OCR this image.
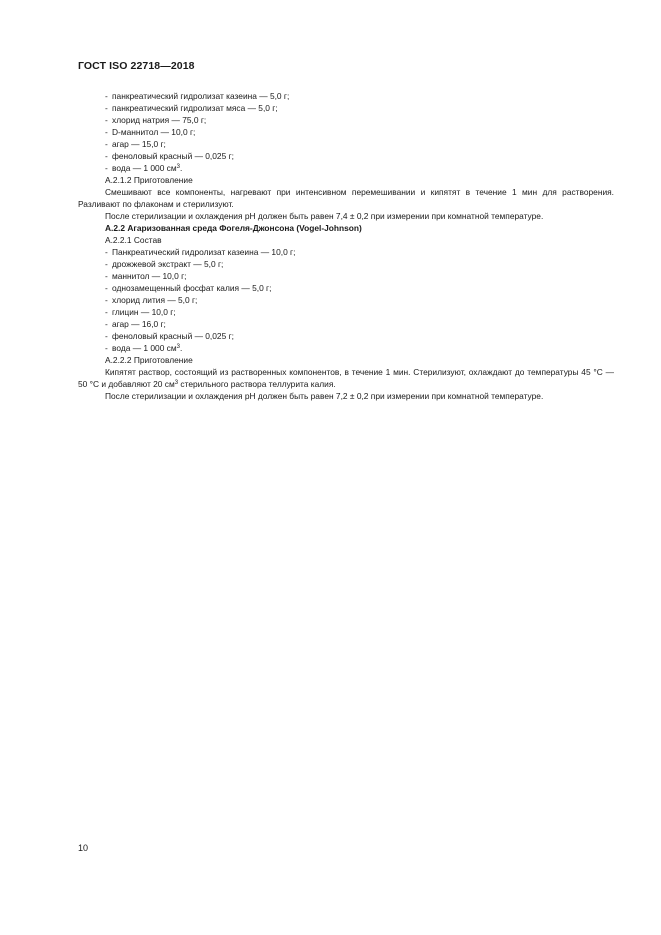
ГОСТ ISO 22718—2018
- панкреатический гидролизат казеина — 5,0 г;
- панкреатический гидролизат мяса — 5,0 г;
- хлорид натрия — 75,0 г;
- D-маннитол — 10,0 г;
- агар — 15,0 г;
- феноловый красный — 0,025 г;
- вода — 1 000 $см^3$.
А.2.1.2 Приготовление
Смешивают все компоненты, нагревают при интенсивном перемешивании и кипятят в течение 1 мин для растворения. Разливают по флаконам и стерилизуют.
После стерилизации и охлаждения pH должен быть равен 7,4 ± 0,2 при измерении при комнатной температуре.
А.2.2 Агаризованная среда Фогеля-Джонсона (Vogel-Johnson)
А.2.2.1 Состав
- Панкреатический гидролизат казеина — 10,0 г;
- дрожжевой экстракт — 5,0 г;
- маннитол — 10,0 г;
- однозамещенный фосфат калия — 5,0 г;
- хлорид лития — 5,0 г;
- глицин — 10,0 г;
- агар — 16,0 г;
- феноловый красный — 0,025 г;
- вода — 1 000 $см^3$.
А.2.2.2 Приготовление
Кипятят раствор, состоящий из растворенных компонентов, в течение 1 мин. Стерилизуют, охлаждают до температуры 45 °С — 50 °С и добавляют 20 $см^3$ стерильного раствора теллурита калия.
После стерилизации и охлаждения pH должен быть равен 7,2 ± 0,2 при измерении при комнатной температуре.
10
